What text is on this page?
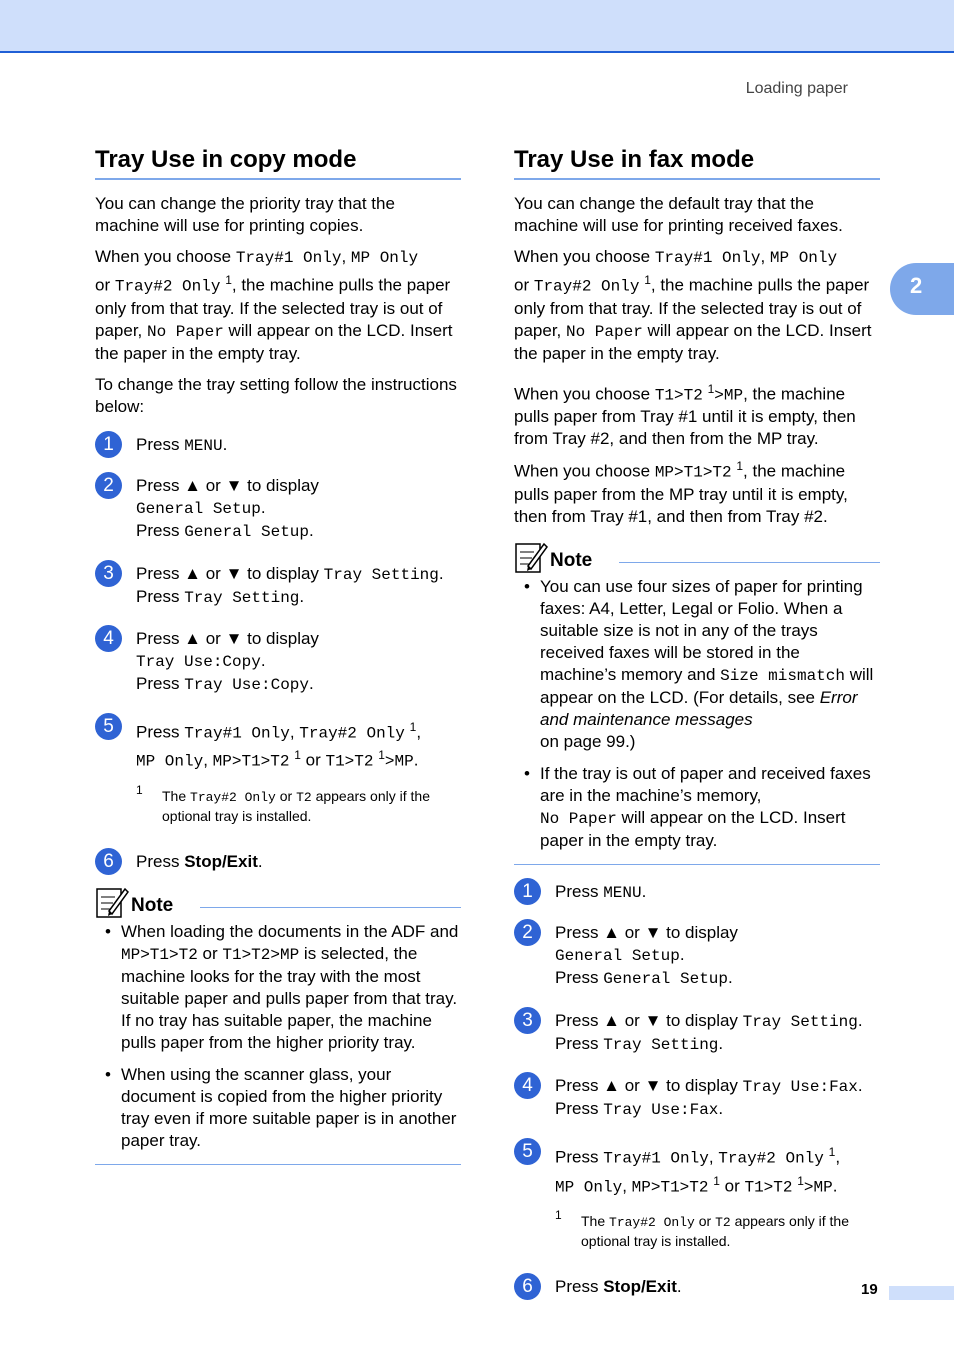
Loading paper
2
Tray Use in copy mode

You can change the priority tray that the machine will use for printing copies.

When you choose Tray#1 Only, MP Only
or Tray#2 Only $^1$, the machine pulls the paper only from that tray. If the selected tray is out of paper, No Paper will appear on the LCD. Insert the paper in the empty tray.

To change the tray setting follow the instructions below:

1	Press MENU.
2	Press ▲ or ▼ to display
General Setup.
Press General Setup.
3	Press ▲ or ▼ to display Tray Setting.
Press Tray Setting.
4	Press ▲ or ▼ to display
Tray Use:Copy.
Press Tray Use:Copy.
5	Press Tray#1 Only, Tray#2 Only $^1$,
MP Only, MP>T1>T2 $^1$ or T1>T2 $^1$>MP.
1 The Tray#2 Only or T2 appears only if the optional tray is installed.
6	Press Stop/Exit.
Note
• When loading the documents in the ADF and MP>T1>T2 or T1>T2>MP is selected, the machine looks for the tray with the most suitable paper and pulls paper from that tray. If no tray has suitable paper, the machine pulls paper from the higher priority tray.
• When using the scanner glass, your document is copied from the higher priority tray even if more suitable paper is in another paper tray.
Tray Use in fax mode

You can change the default tray that the machine will use for printing received faxes.

When you choose Tray#1 Only, MP Only
or Tray#2 Only $^1$, the machine pulls the paper only from that tray. If the selected tray is out of paper, No Paper will appear on the LCD. Insert the paper in the empty tray.

When you choose T1>T2 $^1$>MP, the machine pulls paper from Tray #1 until it is empty, then from Tray #2, and then from the MP tray.

When you choose MP>T1>T2 $^1$, the machine pulls paper from the MP tray until it is empty, then from Tray #1, and then from Tray #2.

Note
• You can use four sizes of paper for printing faxes: A4, Letter, Legal or Folio. When a suitable size is not in any of the trays received faxes will be stored in the machine’s memory and Size mismatch will appear on the LCD. (For details, see Error and maintenance messages
on page 99.)
• If the tray is out of paper and received faxes are in the machine’s memory,
No Paper will appear on the LCD. Insert paper in the empty tray.
1	Press MENU.
2	Press ▲ or ▼ to display
General Setup.
Press General Setup.
3	Press ▲ or ▼ to display Tray Setting.
Press Tray Setting.
4	Press ▲ or ▼ to display Tray Use:Fax.
Press Tray Use:Fax.
5	Press Tray#1 Only, Tray#2 Only $^1$,
MP Only, MP>T1>T2 $^1$ or T1>T2 $^1$>MP.
1 The Tray#2 Only or T2 appears only if the optional tray is installed.
6	Press Stop/Exit.	19
